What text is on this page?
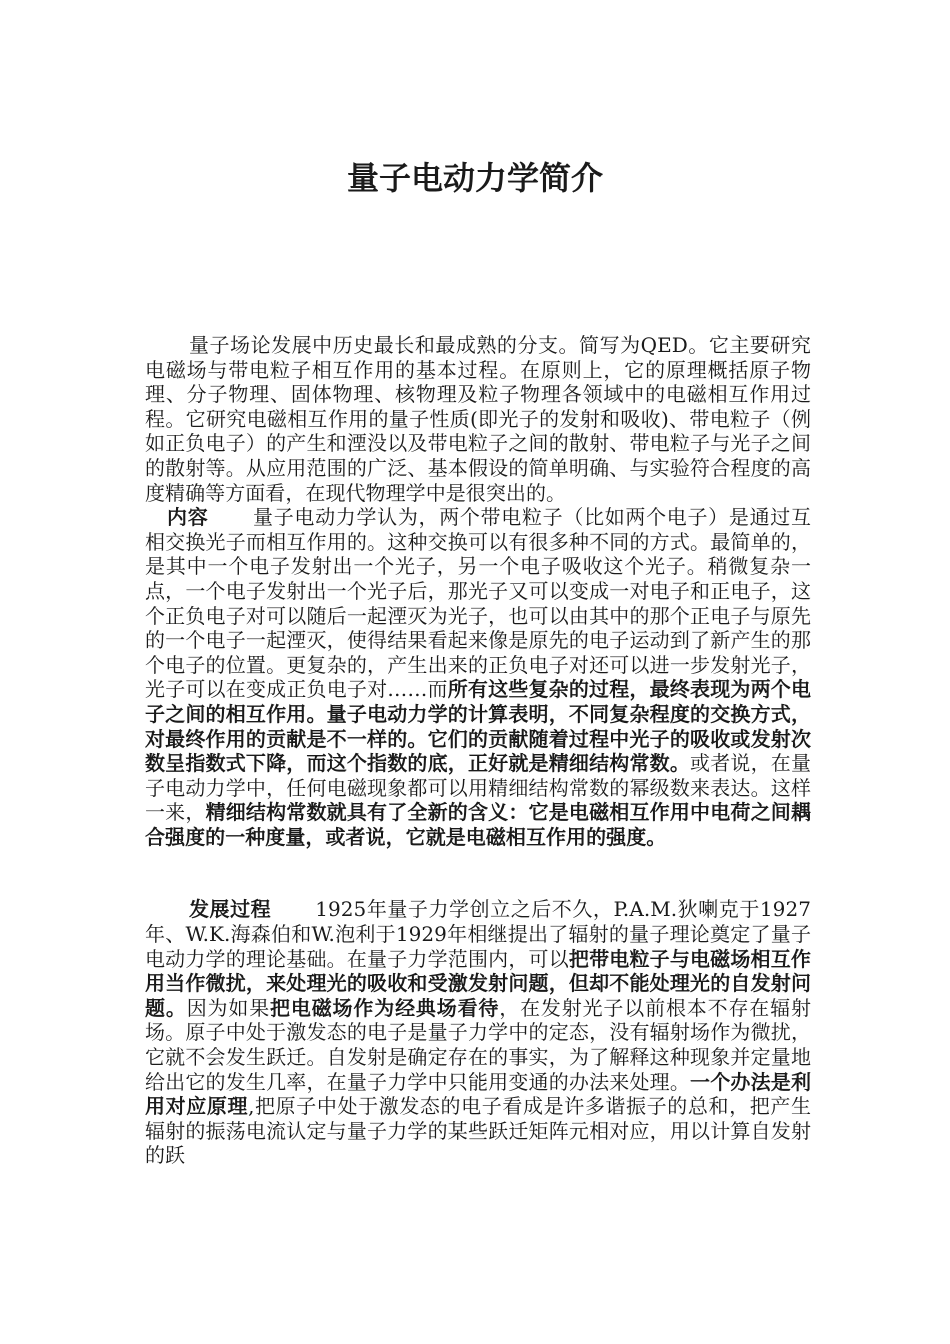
量子电动力学简介

量子场论发展中历史最长和最成熟的分支。简写为QED。它主要研究电磁场与带电粒子相互作用的基本过程。在原则上，它的原理概括原子物理、分子物理、固体物理、核物理及粒子物理各领域中的电磁相互作用过程。它研究电磁相互作用的量子性质(即光子的发射和吸收)、带电粒子（例如正负电子）的产生和湮没以及带电粒子之间的散射、带电粒子与光子之间的散射等。从应用范围的广泛、基本假设的简单明确、与实验符合程度的高度精确等方面看，在现代物理学中是很突出的。

内容 量子电动力学认为，两个带电粒子（比如两个电子）是通过互相交换光子而相互作用的。这种交换可以有很多种不同的方式。最简单的，是其中一个电子发射出一个光子，另一个电子吸收这个光子。稍微复杂一点，一个电子发射出一个光子后，那光子又可以变成一对电子和正电子，这个正负电子对可以随后一起湮灭为光子，也可以由其中的那个正电子与原先的一个电子一起湮灭，使得结果看起来像是原先的电子运动到了新产生的那个电子的位置。更复杂的，产生出来的正负电子对还可以进一步发射光子，光子可以在变成正负电子对……而所有这些复杂的过程，最终表现为两个电子之间的相互作用。量子电动力学的计算表明，不同复杂程度的交换方式，对最终作用的贡献是不一样的。它们的贡献随着过程中光子的吸收或发射次数呈指数式下降，而这个指数的底，正好就是精细结构常数。或者说，在量子电动力学中，任何电磁现象都可以用精细结构常数的幂级数来表达。这样一来，精细结构常数就具有了全新的含义：它是电磁相互作用中电荷之间耦合强度的一种度量，或者说，它就是电磁相互作用的强度。

发展过程 1925年量子力学创立之后不久，P.A.M.狄喇克于1927年、W.K.海森伯和W.泡利于1929年相继提出了辐射的量子理论奠定了量子电动力学的理论基础。在量子力学范围内，可以把带电粒子与电磁场相互作用当作微扰，来处理光的吸收和受激发射问题，但却不能处理光的自发射问题。因为如果把电磁场作为经典场看待，在发射光子以前根本不存在辐射场。原子中处于激发态的电子是量子力学中的定态，没有辐射场作为微扰，它就不会发生跃迁。自发射是确定存在的事实，为了解释这种现象并定量地给出它的发生几率，在量子力学中只能用变通的办法来处理。一个办法是利用对应原理,把原子中处于激发态的电子看成是许多谐振子的总和，把产生辐射的振荡电流认定与量子力学的某些跃迁矩阵元相对应，用以计算自发射的跃
